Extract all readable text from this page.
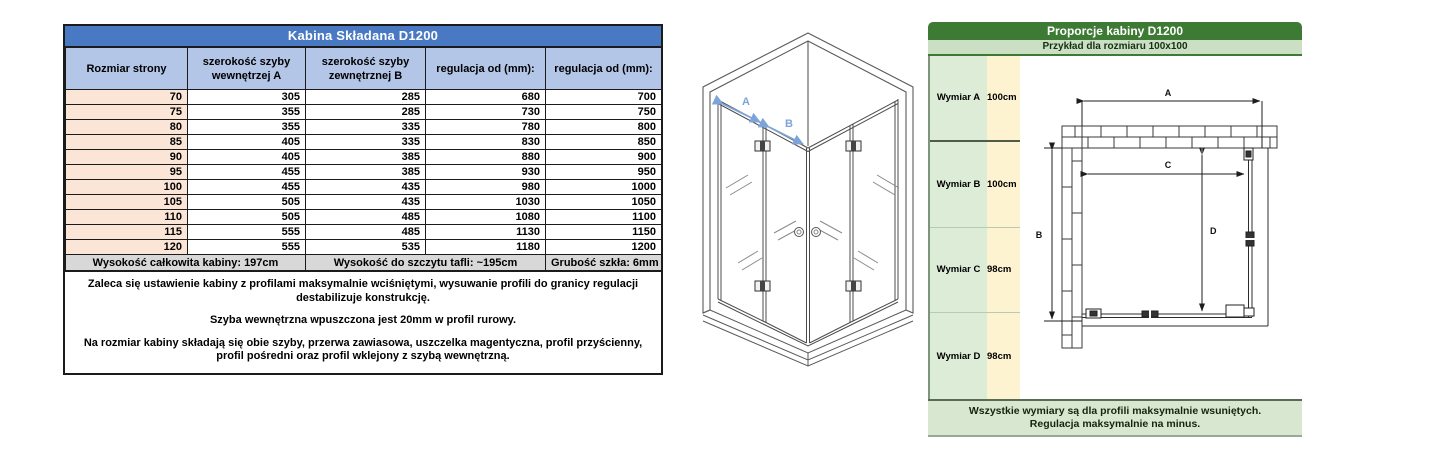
Kabina Składana D1200
Rozmiar strony	szerokość szyby wewnętrzej A	szerokość szyby zewnętrznej B	regulacja od (mm):	regulacja od (mm):
70	305	285	680	700
75	355	285	730	750
80	355	335	780	800
85	405	335	830	850
90	405	385	880	900
95	455	385	930	950
100	455	435	980	1000
105	505	435	1030	1050
110	505	485	1080	1100
115	555	485	1130	1150
120	555	535	1180	1200
Wysokość całkowita kabiny: 197cm		Wysokość do szczytu tafli: ~195cm		Grubość szkła: 6mm

Zaleca się ustawienie kabiny z profilami maksymalnie wciśniętymi, wysuwanie profili do granicy regulacji destabilizuje konstrukcję.

Szyba wewnętrzna wpuszczona jest 20mm w profil rurowy.

Na rozmiar kabiny składają się obie szyby, przerwa zawiasowa, uszczelka magentyczna, profil przyścienny, profil pośredni oraz profil wklejony z szybą wewnętrzną.

A
B
Proporcje kabiny D1200
Przykład dla rozmiaru 100x100
Wymiar A 100cm
Wymiar B 100cm
Wymiar C 98cm
Wymiar D 98cm
A
C
B	D
Wszystkie wymiary są dla profili maksymalnie wsuniętych.
Regulacja maksymalnie na minus.
